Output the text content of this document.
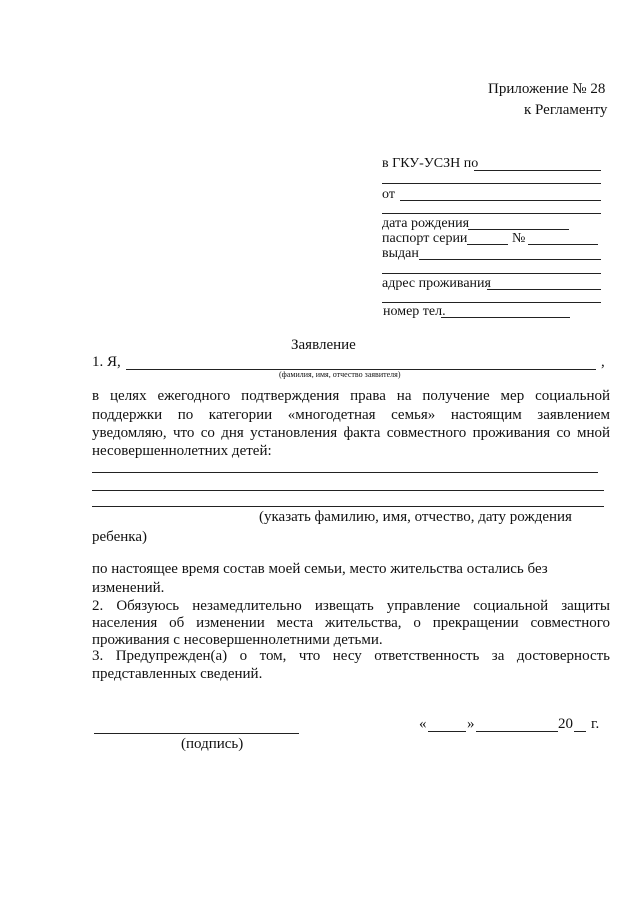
Приложение № 28
к Регламенту
в ГКУ-УСЗН по
от
дата рождения
паспорт серии	№
выдан
адрес проживания
номер тел.
Заявление
1. Я,	,
(фамилия, имя, отчество заявителя)
в целях ежегодного подтверждения права на получение мер социальной
поддержки по категории «многодетная семья» настоящим заявлением
уведомляю, что со дня установления факта совместного проживания со мной
несовершеннолетних детей:
(указать фамилию, имя, отчество, дату рождения
ребенка)
по настоящее время состав моей семьи, место жительства остались без
изменений.
2. Обязуюсь незамедлительно извещать управление социальной защиты
населения об изменении места жительства, о прекращении совместного
проживания с несовершеннолетними детьми.
3. Предупрежден(а) о том, что несу ответственность за достоверность
представленных сведений.
(подпись)
«	»	20 г.
